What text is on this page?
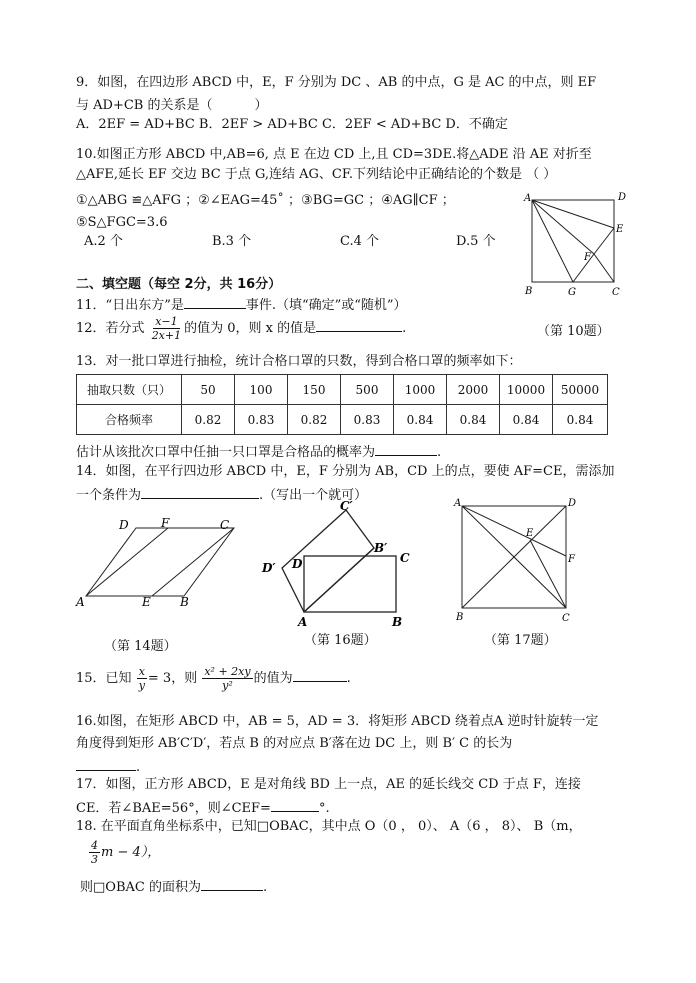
9．如图，在四边形 ABCD 中，E，F 分别为 DC 、AB 的中点，G 是 AC 的中点，则 EF
与 AD+CB 的关系是（	）
A．2EF = AD+BC B．2EF > AD+BC C．2EF < AD+BC D．不确定
10.如图正方形 ABCD 中,AB=6, 点 E 在边 CD 上,且 CD=3DE.将△ADE 沿 AE 对折至
△AFE,延长 EF 交边 BC 于点 G,连结 AG、CF.下列结论中正确结论的个数是 （ ）
①△ABG ≌△AFG ；②∠EAG=45˚ ；③BG=GC ；④AG∥CF ；
⑤S△FGC=3.6
A.2 个	B.3 个	C.4 个	D.5 个
A	D
E
F
B	G	C
二、填空题（每空 2分，共 16分）
11．“日出东方”是	事件.（填“确定”或“随机”）
12．若分式 $\frac{x-1}{2x+1}$ 的值为 0，则 x 的值是	.	（第 10题）
13．对一批口罩进行抽检，统计合格口罩的只数，得到合格口罩的频率如下：
抽取只数（只）	50	100	150	500	1000	2000	10000	50000
合格频率	0.82	0.83	0.82	0.83	0.84	0.84	0.84	0.84
估计从该批次口罩中任抽一只口罩是合格品的概率为	.
14．如图，在平行四边形 ABCD 中，E，F 分别为 AB，CD 上的点，要使 AF=CE，需添加
一个条件为	.（写出一个就可）
D	F	C
A	E B
（第 14题）
C′
B′
C
D
D′
A	B
（第 16题）
A	D
E
F
B	C
（第 17题）
15．已知 $\frac{x}{y} = 3$，则 $\frac{\text{x² + 2xy}}{\text{y²}}$ 的值为	.
16.如图，在矩形 ABCD 中，AB = 5，AD = 3．将矩形 ABCD 绕着点A 逆时针旋转一定
角度得到矩形 AB′C′D′，若点 B 的对应点 B′落在边 DC 上，则 B′ C 的长为
.
17．如图，正方形 ABCD，E 是对角线 BD 上一点，AE 的延长线交 CD 于点 F，连接
CE．若∠BAE=56°，则∠CEF=	°.
18. 在平面直角坐标系中，已知□OBAC，其中点 O（0 ， 0）、 A（6 ， 8）、 B（m，
$\frac{4}{3}$ m − 4），
则□OBAC 的面积为	.
